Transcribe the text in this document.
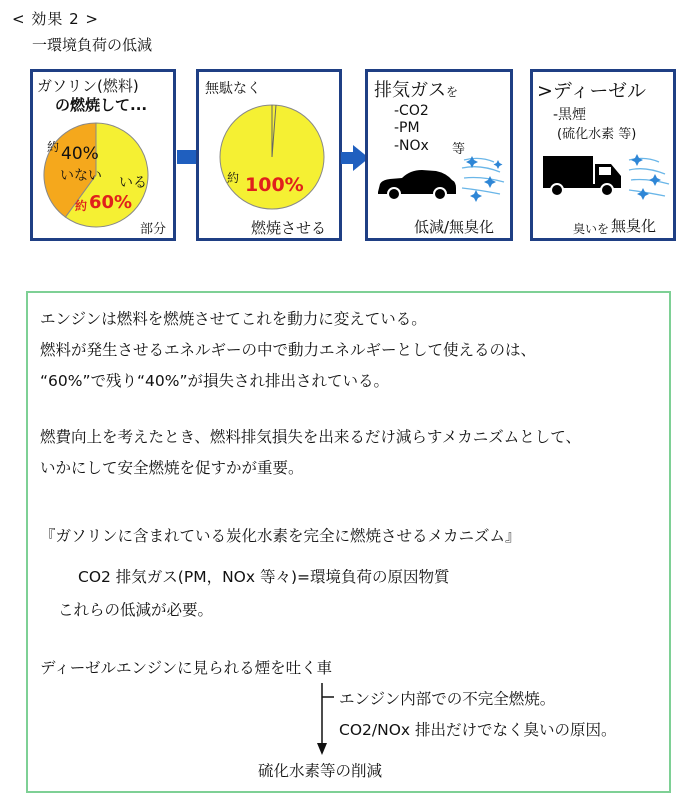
< 効果 2 >
一環境負荷の低減
ガソリン(燃料)
の燃焼して...
約 40%
いない いる
約 60%
部分
無駄なく
約 100%
燃焼させる
排気ガスを
-CO2
-PM
-NOx 等
低減/無臭化
>ディーゼル
-黒煙
(硫化水素 等)
臭いを 無臭化
エンジンは燃料を燃焼させてこれを動力に変えている。
燃料が発生させるエネルギーの中で動力エネルギーとして使えるのは、
“60%”で残り“40%”が損失され排出されている。
燃費向上を考えたとき、燃料排気損失を出来るだけ減らすメカニズムとして、
いかにして安全燃焼を促すかが重要。
『ガソリンに含まれている炭化水素を完全に燃焼させるメカニズム』
CO2 排気ガス(PM，NOx 等々)=環境負荷の原因物質
これらの低減が必要。
ディーゼルエンジンに見られる煙を吐く車
エンジン内部での不完全燃焼。
CO2/NOx 排出だけでなく臭いの原因。
硫化水素等の削減
